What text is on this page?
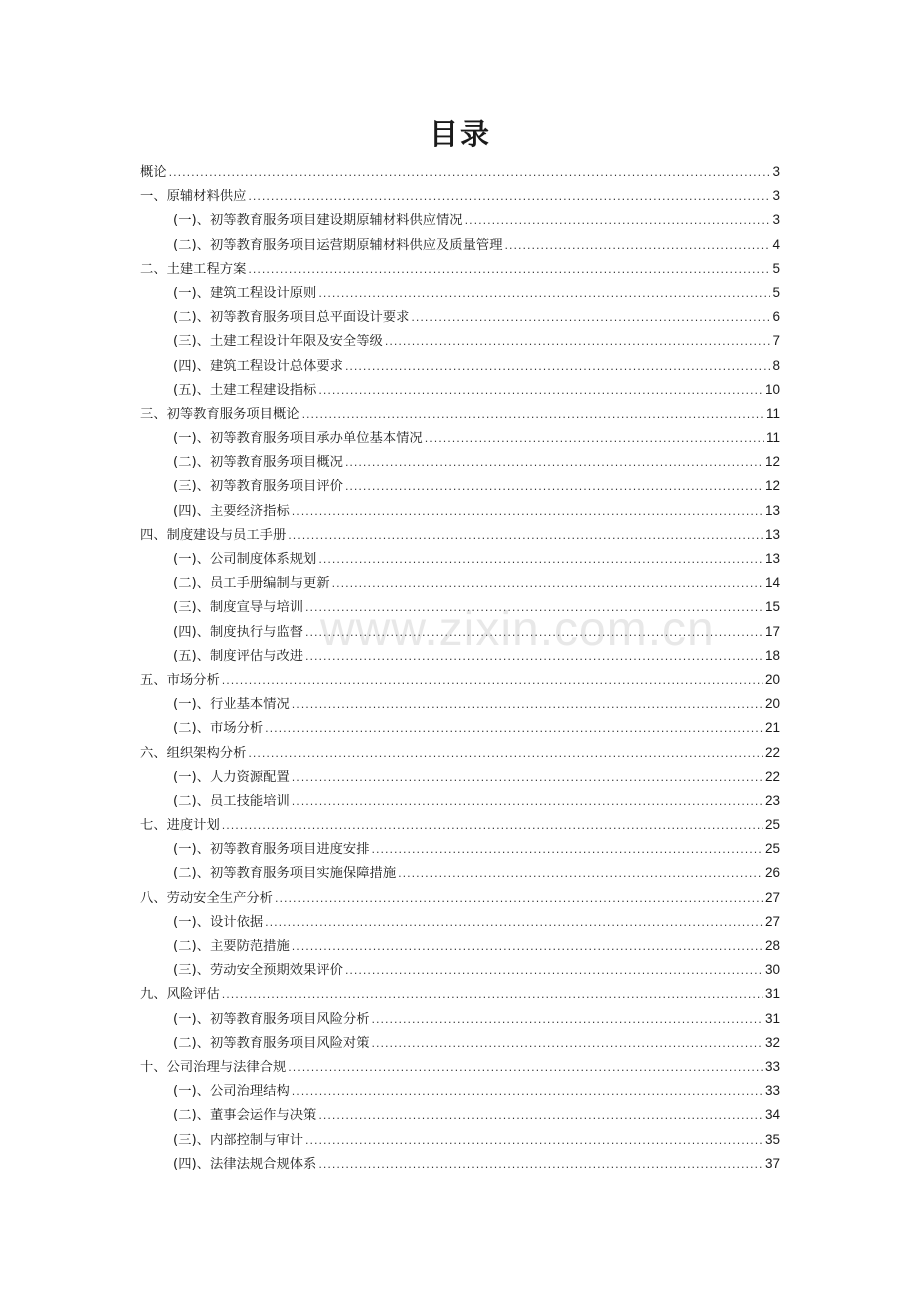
目录
概论 .....	3
一、原辅材料供应 .....	3
(一)、初等教育服务项目建设期原辅材料供应情况 .....	3
(二)、初等教育服务项目运营期原辅材料供应及质量管理 .....	4
二、土建工程方案 .....	5
(一)、建筑工程设计原则 .....	5
(二)、初等教育服务项目总平面设计要求 .....	6
(三)、土建工程设计年限及安全等级 .....	7
(四)、建筑工程设计总体要求 .....	8
(五)、土建工程建设指标 .....	10
三、初等教育服务项目概论 .....	11
(一)、初等教育服务项目承办单位基本情况 .....	11
(二)、初等教育服务项目概况 .....	12
(三)、初等教育服务项目评价 .....	12
(四)、主要经济指标 .....	13
四、制度建设与员工手册 .....	13
(一)、公司制度体系规划 .....	13
(二)、员工手册编制与更新 .....	14
(三)、制度宣导与培训 .....	15
(四)、制度执行与监督 .....	17
(五)、制度评估与改进 .....	18
五、市场分析 .....	20
(一)、行业基本情况 .....	20
(二)、市场分析 .....	21
六、组织架构分析 .....	22
(一)、人力资源配置 .....	22
(二)、员工技能培训 .....	23
七、进度计划 .....	25
(一)、初等教育服务项目进度安排 .....	25
(二)、初等教育服务项目实施保障措施 .....	26
八、劳动安全生产分析 .....	27
(一)、设计依据 .....	27
(二)、主要防范措施 .....	28
(三)、劳动安全预期效果评价 .....	30
九、风险评估 .....	31
(一)、初等教育服务项目风险分析 .....	31
(二)、初等教育服务项目风险对策 .....	32
十、公司治理与法律合规 .....	33
(一)、公司治理结构 .....	33
(二)、董事会运作与决策 .....	34
(三)、内部控制与审计 .....	35
(四)、法律法规合规体系 .....	37
www.zixin.com.cn
